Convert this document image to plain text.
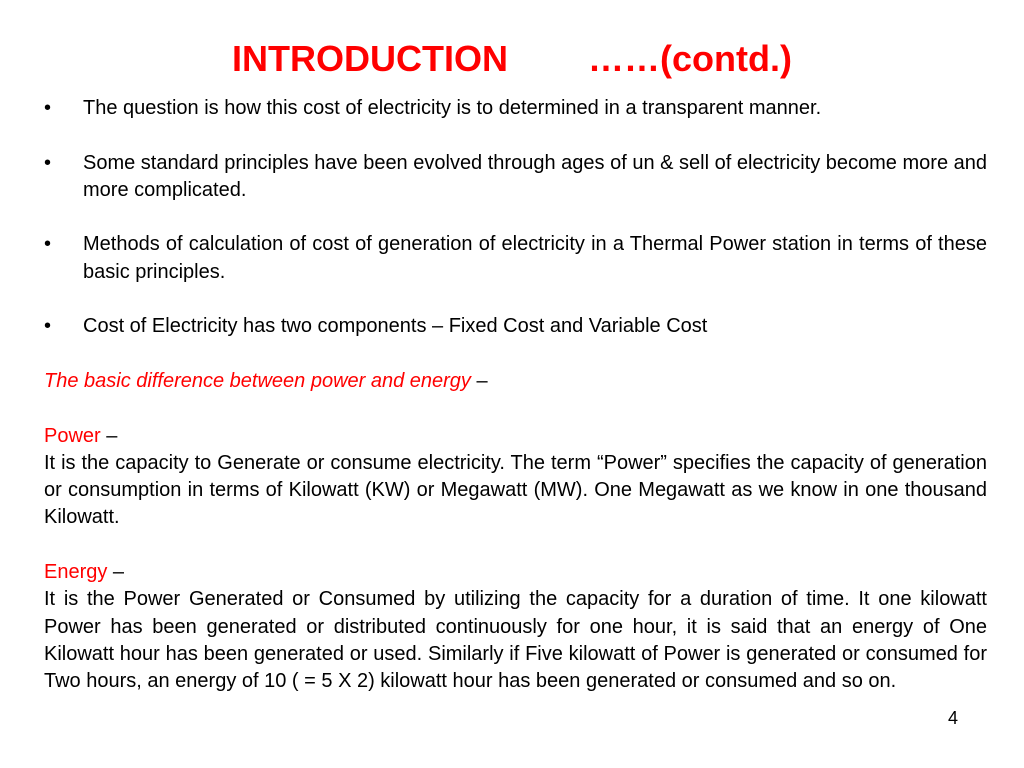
INTRODUCTION ……(contd.)
• The question is how this cost of electricity is to determined in a transparent manner.
• Some standard principles have been evolved through ages of un & sell of electricity become more and more complicated.
• Methods of calculation of cost of generation of electricity in a Thermal Power station in terms of these basic principles.
• Cost of Electricity has two components – Fixed Cost and Variable Cost

The basic difference between power and energy –

Power –

It is the capacity to Generate or consume electricity. The term “Power” specifies the capacity of generation or consumption in terms of Kilowatt (KW) or Megawatt (MW). One Megawatt as we know in one thousand Kilowatt.

Energy –

It is the Power Generated or Consumed by utilizing the capacity for a duration of time. It one kilowatt Power has been generated or distributed continuously for one hour, it is said that an energy of One Kilowatt hour has been generated or used. Similarly if Five kilowatt of Power is generated or consumed for Two hours, an energy of 10 ( = 5 X 2) kilowatt hour has been generated or consumed and so on.

4
